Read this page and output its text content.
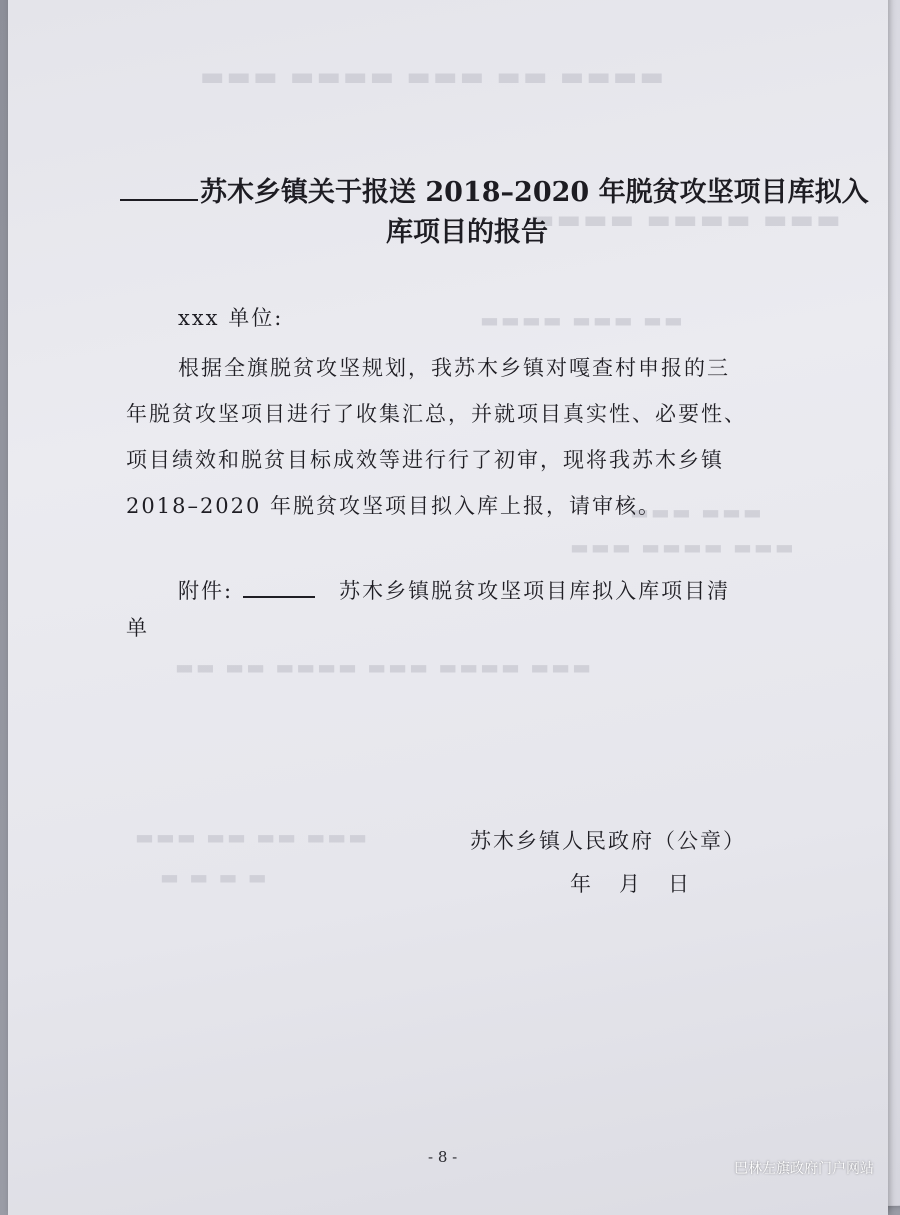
▬▬▬▬ ▬▬ ▬▬▬ ▬▬▬▬ ▬▬▬
▬▬▬ ▬▬▬▬ ▬▬▬▬
▬▬ ▬▬▬ ▬▬▬▬
▬▬▬ ▬▬▬
▬▬▬ ▬▬▬▬ ▬▬▬
▬▬▬ ▬▬▬▬ ▬▬▬ ▬▬▬▬ ▬▬ ▬▬
▬▬▬ ▬▬ ▬▬ ▬▬▬
▬ ▬ ▬ ▬
苏木乡镇关于报送 2018–2020 年脱贫攻坚项目库拟入
库项目的报告
xxx 单位:
根据全旗脱贫攻坚规划，我苏木乡镇对嘎查村申报的三
年脱贫攻坚项目进行了收集汇总，并就项目真实性、必要性、
项目绩效和脱贫目标成效等进行行了初审，现将我苏木乡镇
2018–2020 年脱贫攻坚项目拟入库上报，请审核。
附件:	苏木乡镇脱贫攻坚项目库拟入库项目清
单
苏木乡镇人民政府（公章）
年   月   日
- 8 -
巴林左旗政府门户网站
